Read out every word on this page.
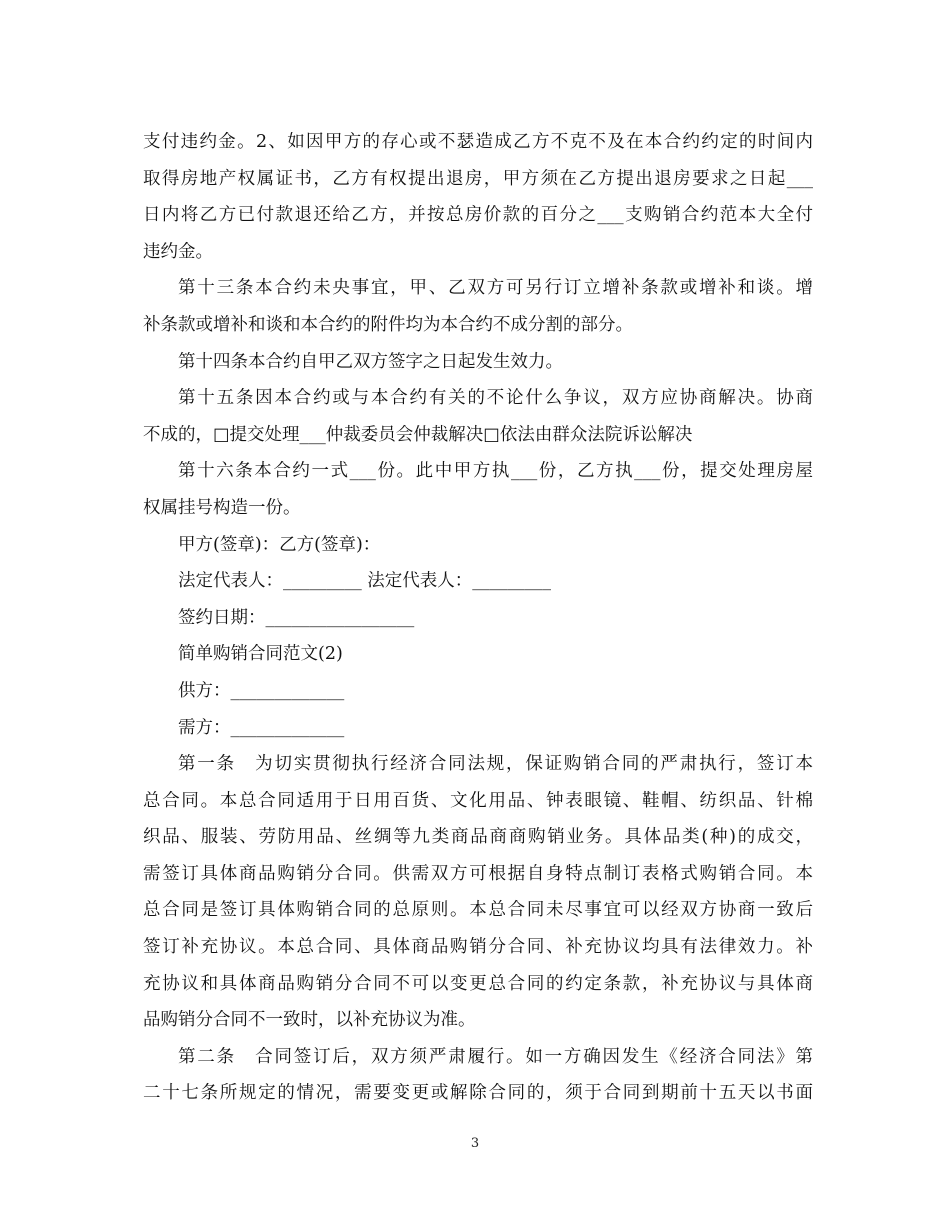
支付违约金。2、如因甲方的存心或不瑟造成乙方不克不及在本合约约定的时间内
取得房地产权属证书，乙方有权提出退房，甲方须在乙方提出退房要求之日起___
日内将乙方已付款退还给乙方，并按总房价款的百分之___支购销合约范本大全付
违约金。
第十三条本合约未央事宜，甲、乙双方可另行订立增补条款或增补和谈。增
补条款或增补和谈和本合约的附件均为本合约不成分割的部分。
第十四条本合约自甲乙双方签字之日起发生效力。
第十五条因本合约或与本合约有关的不论什么争议，双方应协商解决。协商
不成的，□提交处理___仲裁委员会仲裁解决□依法由群众法院诉讼解决
第十六条本合约一式___份。此中甲方执___份，乙方执___份，提交处理房屋
权属挂号构造一份。
甲方(签章)：乙方(签章)：
法定代表人：_________ 法定代表人：_________
签约日期：_________________
简单购销合同范文(2)
供方：_____________
需方：_____________
第一条　为切实贯彻执行经济合同法规，保证购销合同的严肃执行，签订本
总合同。本总合同适用于日用百货、文化用品、钟表眼镜、鞋帽、纺织品、针棉
织品、服装、劳防用品、丝绸等九类商品商商购销业务。具体品类(种)的成交，
需签订具体商品购销分合同。供需双方可根据自身特点制订表格式购销合同。本
总合同是签订具体购销合同的总原则。本总合同未尽事宜可以经双方协商一致后
签订补充协议。本总合同、具体商品购销分合同、补充协议均具有法律效力。补
充协议和具体商品购销分合同不可以变更总合同的约定条款，补充协议与具体商
品购销分合同不一致时，以补充协议为准。
第二条　合同签订后，双方须严肃履行。如一方确因发生《经济合同法》第
二十七条所规定的情况，需要变更或解除合同的，须于合同到期前十五天以书面
3
